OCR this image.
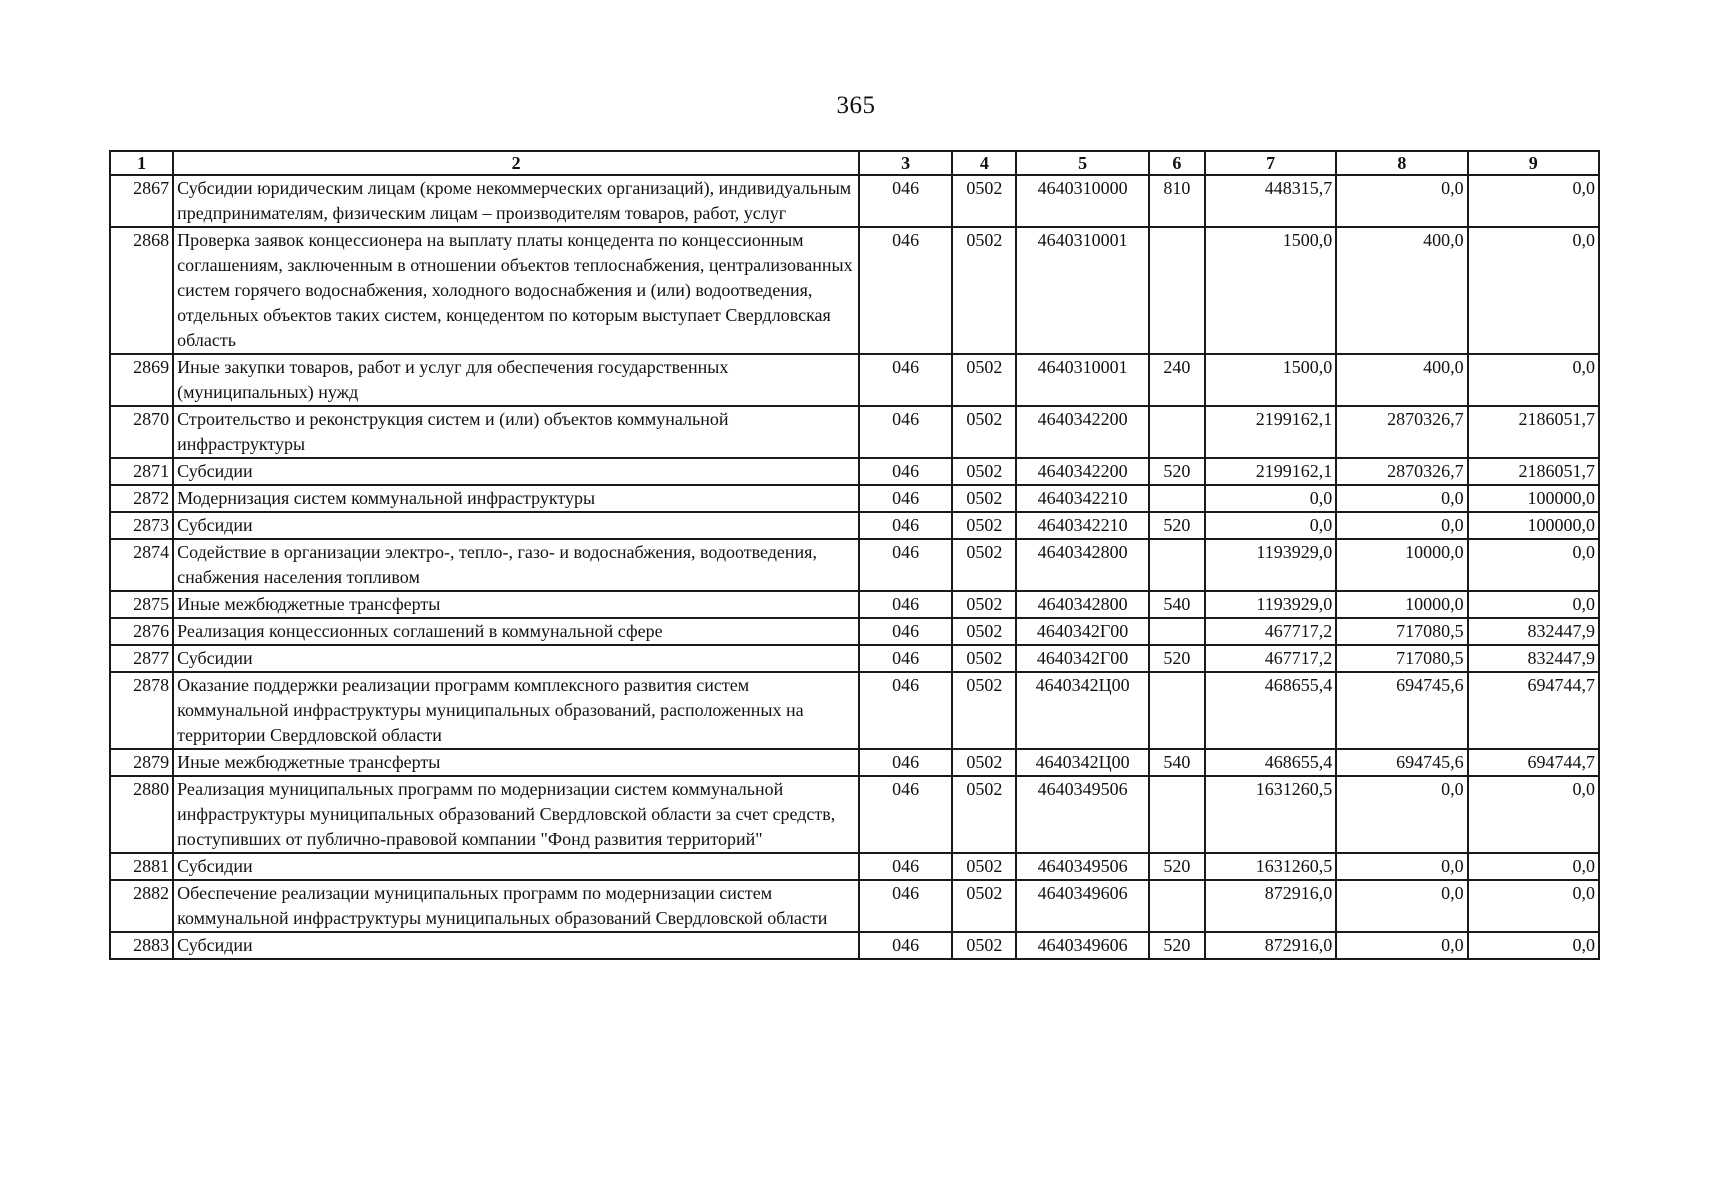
365
1	2	3	4	5	6	7	8	9
2867	Субсидии юридическим лицам (кроме некоммерческих организаций), индивидуальным предпринимателям, физическим лицам – производителям товаров, работ, услуг	046	0502	4640310000	810	448315,7	0,0	0,0
2868	Проверка заявок концессионера на выплату платы концедента по концессионным соглашениям, заключенным в отношении объектов теплоснабжения, централизованных систем горячего водоснабжения, холодного водоснабжения и (или) водоотведения, отдельных объектов таких систем, концедентом по которым выступает Свердловская область	046	0502	4640310001		1500,0	400,0	0,0
2869	Иные закупки товаров, работ и услуг для обеспечения государственных (муниципальных) нужд	046	0502	4640310001	240	1500,0	400,0	0,0
2870	Строительство и реконструкция систем и (или) объектов коммунальной инфраструктуры	046	0502	4640342200		2199162,1	2870326,7	2186051,7
2871	Субсидии	046	0502	4640342200	520	2199162,1	2870326,7	2186051,7
2872	Модернизация систем коммунальной инфраструктуры	046	0502	4640342210		0,0	0,0	100000,0
2873	Субсидии	046	0502	4640342210	520	0,0	0,0	100000,0
2874	Содействие в организации электро-, тепло-, газо- и водоснабжения, водоотведения, снабжения населения топливом	046	0502	4640342800		1193929,0	10000,0	0,0
2875	Иные межбюджетные трансферты	046	0502	4640342800	540	1193929,0	10000,0	0,0
2876	Реализация концессионных соглашений в коммунальной сфере	046	0502	4640342Г00		467717,2	717080,5	832447,9
2877	Субсидии	046	0502	4640342Г00	520	467717,2	717080,5	832447,9
2878	Оказание поддержки реализации программ комплексного развития систем коммунальной инфраструктуры муниципальных образований, расположенных на территории Свердловской области	046	0502	4640342Ц00		468655,4	694745,6	694744,7
2879	Иные межбюджетные трансферты	046	0502	4640342Ц00	540	468655,4	694745,6	694744,7
2880	Реализация муниципальных программ по модернизации систем коммунальной инфраструктуры муниципальных образований Свердловской области за счет средств, поступивших от публично-правовой компании "Фонд развития территорий"	046	0502	4640349506		1631260,5	0,0	0,0
2881	Субсидии	046	0502	4640349506	520	1631260,5	0,0	0,0
2882	Обеспечение реализации муниципальных программ по модернизации систем коммунальной инфраструктуры муниципальных образований Свердловской области	046	0502	4640349606		872916,0	0,0	0,0
2883	Субсидии	046	0502	4640349606	520	872916,0	0,0	0,0
